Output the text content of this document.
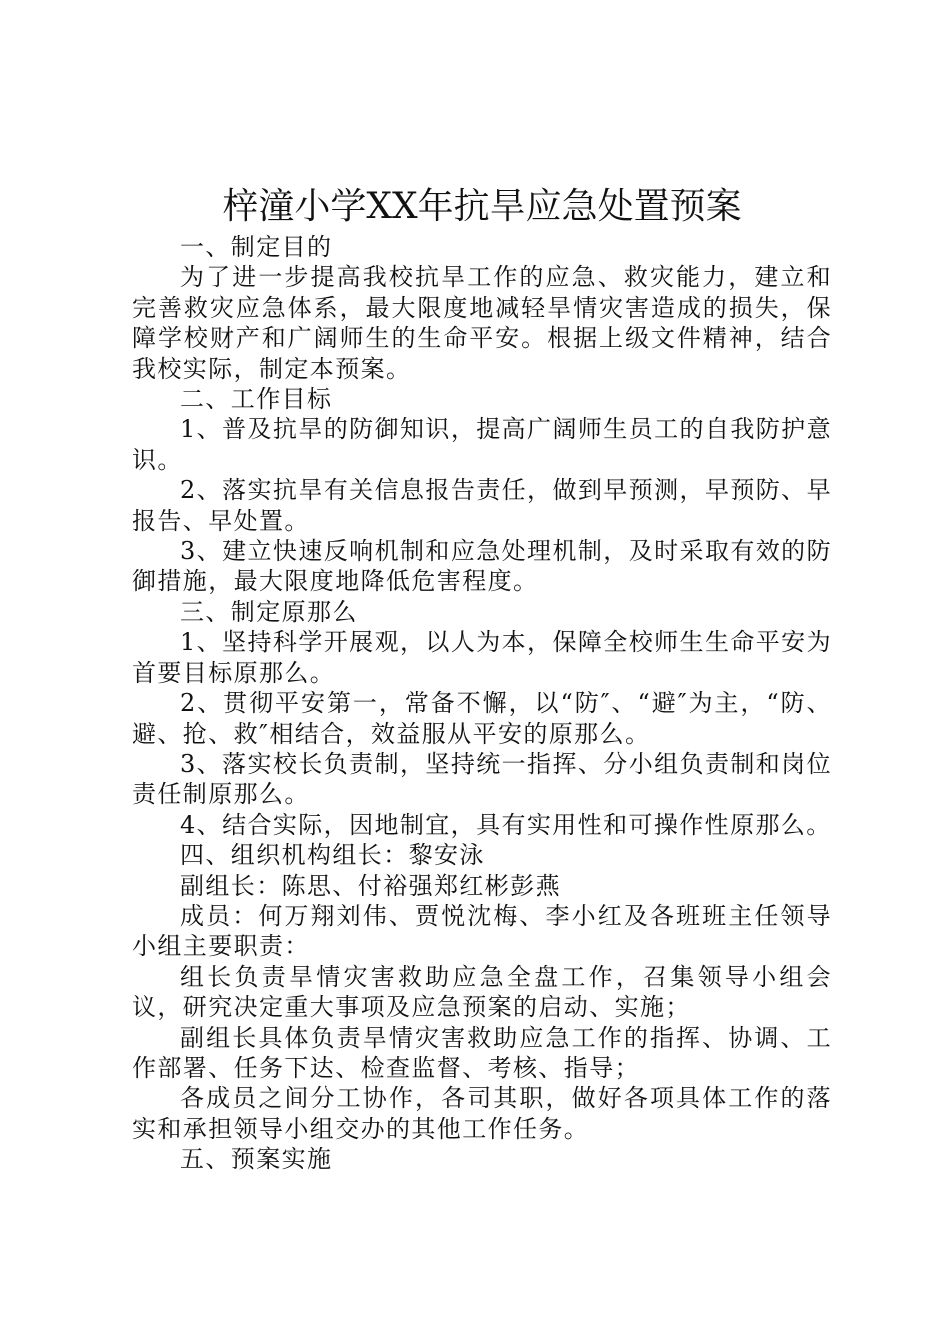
梓潼小学XX年抗旱应急处置预案

一、制定目的

为了进一步提高我校抗旱工作的应急、救灾能力，建立和完善救灾应急体系，最大限度地减轻旱情灾害造成的损失，保障学校财产和广阔师生的生命平安。根据上级文件精神，结合我校实际，制定本预案。

二、工作目标

1、普及抗旱的防御知识，提高广阔师生员工的自我防护意识。

2、落实抗旱有关信息报告责任，做到早预测，早预防、早报告、早处置。

3、建立快速反响机制和应急处理机制，及时采取有效的防御措施，最大限度地降低危害程度。

三、制定原那么

1、坚持科学开展观，以人为本，保障全校师生生命平安为首要目标原那么。

2、贯彻平安第一，常备不懈，以“防″、“避″为主，“防、避、抢、救″相结合，效益服从平安的原那么。

3、落实校长负责制，坚持统一指挥、分小组负责制和岗位责任制原那么。

4、结合实际，因地制宜，具有实用性和可操作性原那么。

四、组织机构组长：黎安泳

副组长：陈思、付裕强郑红彬彭燕

成员：何万翔刘伟、贾悦沈梅、李小红及各班班主任领导小组主要职责：

组长负责旱情灾害救助应急全盘工作，召集领导小组会议，研究决定重大事项及应急预案的启动、实施；

副组长具体负责旱情灾害救助应急工作的指挥、协调、工作部署、任务下达、检查监督、考核、指导；

各成员之间分工协作，各司其职，做好各项具体工作的落实和承担领导小组交办的其他工作任务。

五、预案实施
